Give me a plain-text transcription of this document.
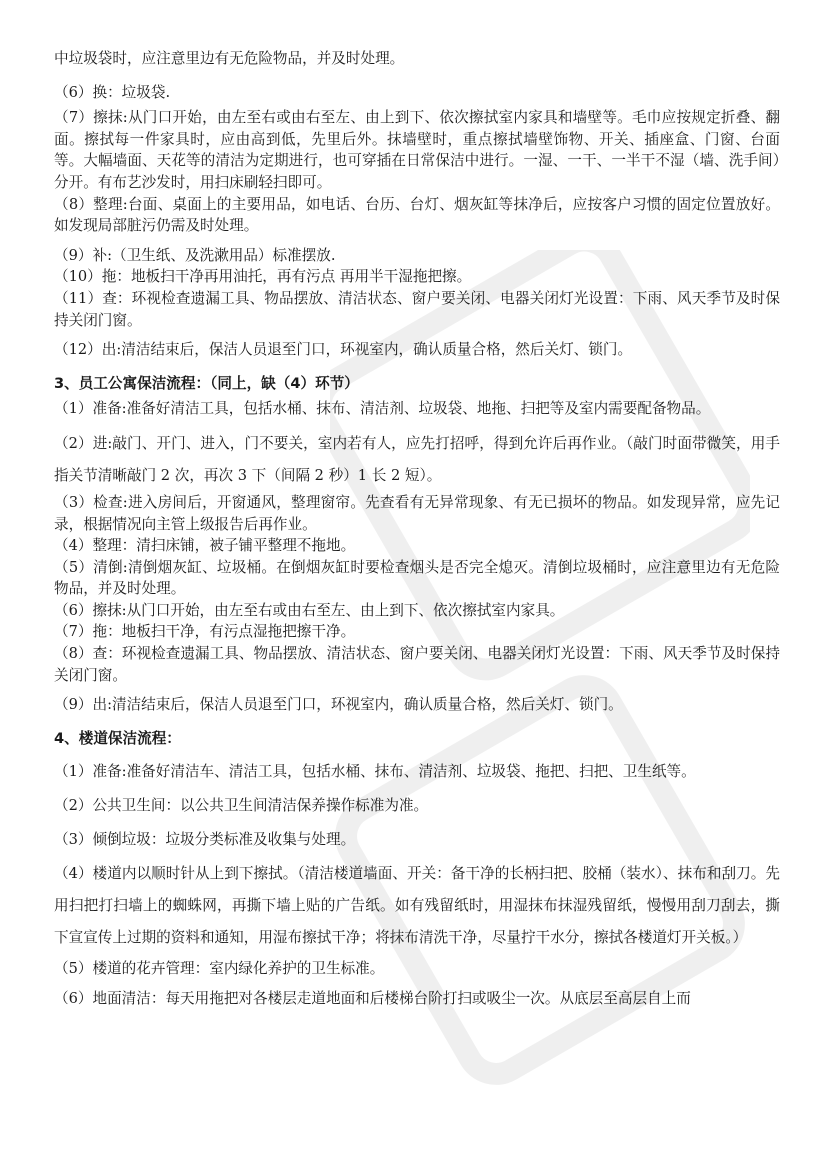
中垃圾袋时，应注意里边有无危险物品，并及时处理。

（6）换：垃圾袋.

（7）擦抹:从门口开始，由左至右或由右至左、由上到下、依次擦拭室内家具和墙壁等。毛巾应按规定折叠、翻面。擦拭每一件家具时，应由高到低，先里后外。抹墙壁时，重点擦拭墙壁饰物、开关、插座盒、门窗、台面等。大幅墙面、天花等的清洁为定期进行，也可穿插在日常保洁中进行。一湿、一干、一半干不湿（墙、洗手间）分开。有布艺沙发时，用扫床刷轻扫即可。

（8）整理:台面、桌面上的主要用品，如电话、台历、台灯、烟灰缸等抹净后，应按客户习惯的固定位置放好。如发现局部脏污仍需及时处理。

（9）补:（卫生纸、及洗漱用品）标准摆放.

（10）拖：地板扫干净再用油托，再有污点 再用半干湿拖把擦。

（11）查：环视检查遗漏工具、物品摆放、清洁状态、窗户要关闭、电器关闭灯光设置：下雨、风天季节及时保持关闭门窗。

（12）出:清洁结束后，保洁人员退至门口，环视室内，确认质量合格，然后关灯、锁门。

3、员工公寓保洁流程：（同上，缺（4）环节）

（1）准备:准备好清洁工具，包括水桶、抹布、清洁剂、垃圾袋、地拖、扫把等及室内需要配备物品。

（2）进:敲门、开门、进入，门不要关，室内若有人，应先打招呼，得到允许后再作业。（敲门时面带微笑，用手指关节清晰敲门 2 次，再次 3 下（间隔 2 秒）1 长 2 短）。

（3）检查:进入房间后，开窗通风，整理窗帘。先查看有无异常现象、有无已损坏的物品。如发现异常，应先记录，根据情况向主管上级报告后再作业。

（4）整理：清扫床铺，被子铺平整理不拖地。

（5）清倒:清倒烟灰缸、垃圾桶。在倒烟灰缸时要检查烟头是否完全熄灭。清倒垃圾桶时，应注意里边有无危险物品，并及时处理。

（6）擦抹:从门口开始，由左至右或由右至左、由上到下、依次擦拭室内家具。

（7）拖：地板扫干净，有污点湿拖把擦干净。

（8）查：环视检查遗漏工具、物品摆放、清洁状态、窗户要关闭、电器关闭灯光设置：下雨、风天季节及时保持关闭门窗。

（9）出:清洁结束后，保洁人员退至门口，环视室内，确认质量合格，然后关灯、锁门。

4、楼道保洁流程：

（1）准备:准备好清洁车、清洁工具，包括水桶、抹布、清洁剂、垃圾袋、拖把、扫把、卫生纸等。

（2）公共卫生间：以公共卫生间清洁保养操作标准为准。

（3）倾倒垃圾：垃圾分类标准及收集与处理。

（4）楼道内以顺时针从上到下擦拭。（清洁楼道墙面、开关：备干净的长柄扫把、胶桶（装水）、抹布和刮刀。先用扫把打扫墙上的蜘蛛网，再撕下墙上贴的广告纸。如有残留纸时，用湿抹布抹湿残留纸，慢慢用刮刀刮去，撕下宣宣传上过期的资料和通知，用湿布擦拭干净；将抹布清洗干净，尽量拧干水分，擦拭各楼道灯开关板。）

（5）楼道的花卉管理：室内绿化养护的卫生标准。

（6）地面清洁：每天用拖把对各楼层走道地面和后楼梯台阶打扫或吸尘一次。从底层至高层自上而
